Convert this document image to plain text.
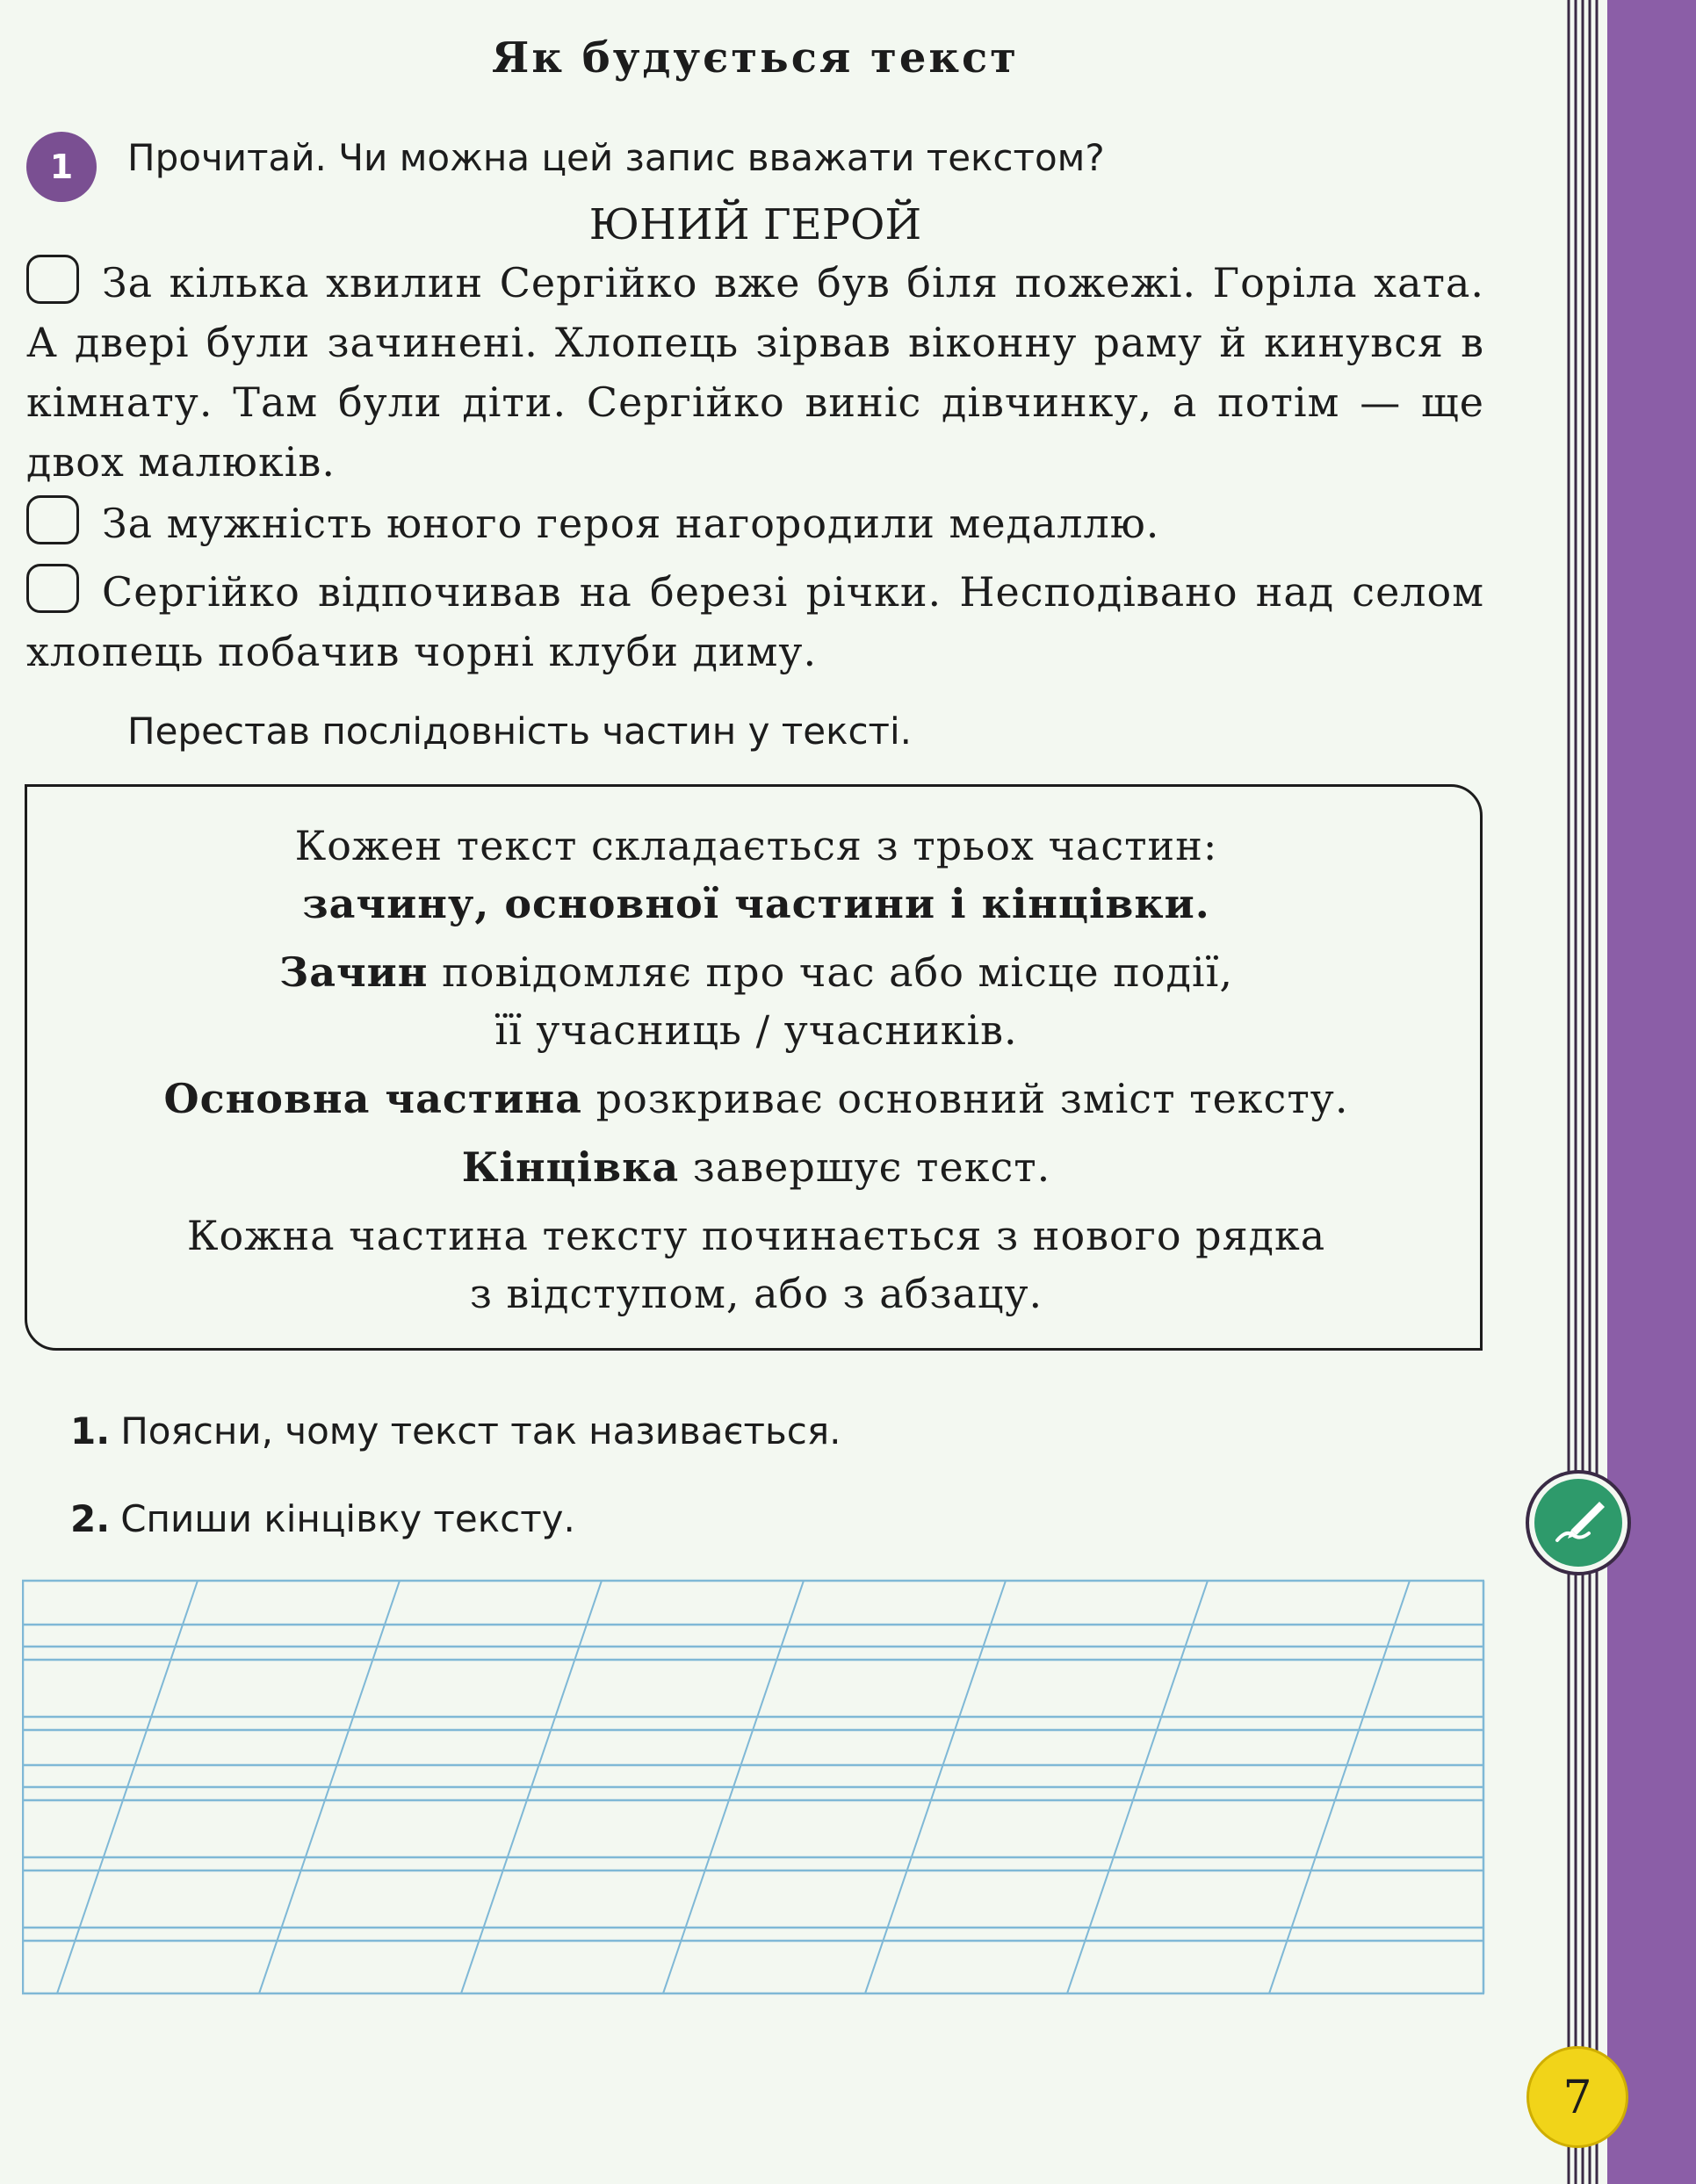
Як будується текст
1	Прочитай. Чи можна цей запис вважати текстом?
ЮНИЙ ГЕРОЙ
За кілька хвилин Сергійко вже був біля пожежі. Горіла хата. А двері були зачинені. Хлопець зірвав віконну раму й кинувся в кімнату. Там були діти. Сергійко виніс дівчинку, а потім — ще двох малюків.
За мужність юного героя нагородили медаллю.
Сергійко відпочивав на березі річки. Несподівано над селом хлопець побачив чорні клуби диму.
Перестав послідовність частин у тексті.
Кожен текст складається з трьох частин:
зачину, основної частини і кінцівки.
Зачин повідомляє про час або місце події,
її учасниць / учасників.
Основна частина розкриває основний зміст тексту.
Кінцівка завершує текст.
Кожна частина тексту починається з нового рядка
з відступом, або з абзацу.
1. Поясни, чому текст так називається.
2. Спиши кінцівку тексту.
7
